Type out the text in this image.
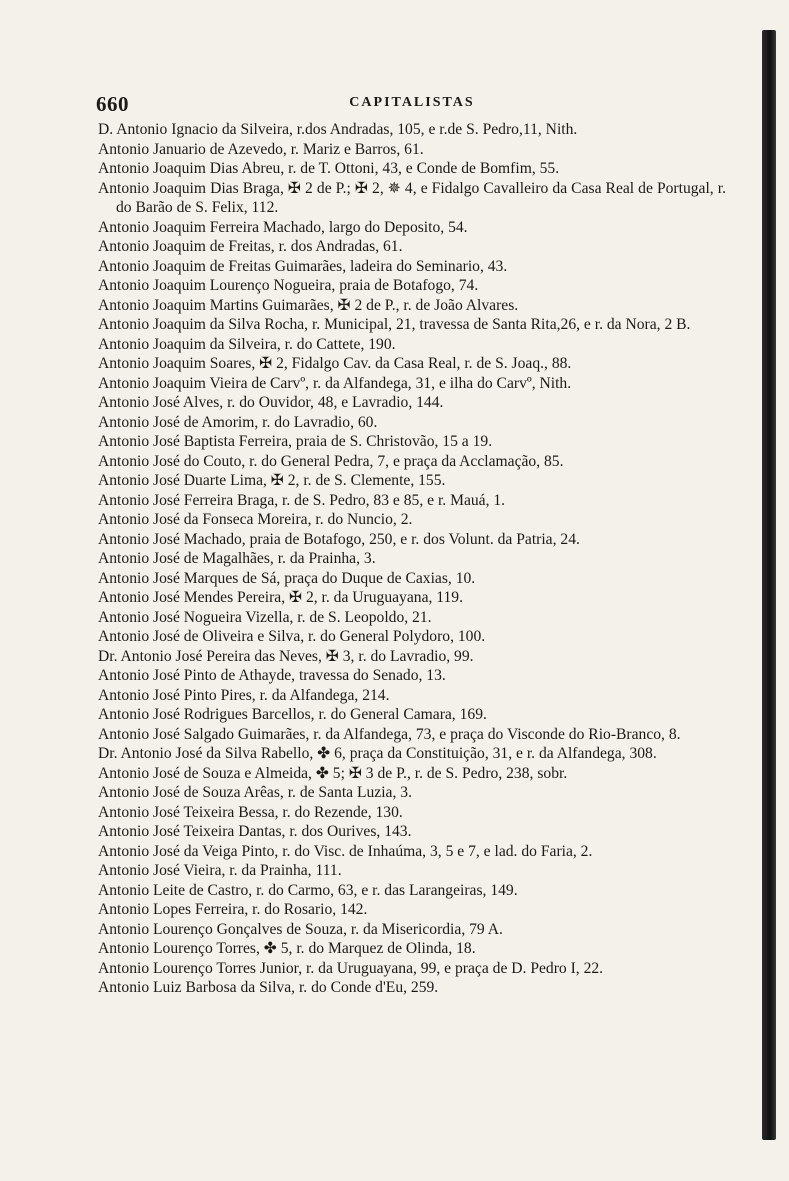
660	CAPITALISTAS
D. Antonio Ignacio da Silveira, r.dos Andradas, 105, e r.de S. Pedro,11, Nith.
Antonio Januario de Azevedo, r. Mariz e Barros, 61.
Antonio Joaquim Dias Abreu, r. de T. Ottoni, 43, e Conde de Bomfim, 55.
Antonio Joaquim Dias Braga, ✠ 2 de P.; ✠ 2, ✵ 4, e Fidalgo Cavalleiro da Casa Real de Portugal, r. do Barão de S. Felix, 112.
Antonio Joaquim Ferreira Machado, largo do Deposito, 54.
Antonio Joaquim de Freitas, r. dos Andradas, 61.
Antonio Joaquim de Freitas Guimarães, ladeira do Seminario, 43.
Antonio Joaquim Lourenço Nogueira, praia de Botafogo, 74.
Antonio Joaquim Martins Guimarães, ✠ 2 de P., r. de João Alvares.
Antonio Joaquim da Silva Rocha, r. Municipal, 21, travessa de Santa Rita,26, e r. da Nora, 2 B.
Antonio Joaquim da Silveira, r. do Cattete, 190.
Antonio Joaquim Soares, ✠ 2, Fidalgo Cav. da Casa Real, r. de S. Joaq., 88.
Antonio Joaquim Vieira de Carvº, r. da Alfandega, 31, e ilha do Carvº, Nith.
Antonio José Alves, r. do Ouvidor, 48, e Lavradio, 144.
Antonio José de Amorim, r. do Lavradio, 60.
Antonio José Baptista Ferreira, praia de S. Christovão, 15 a 19.
Antonio José do Couto, r. do General Pedra, 7, e praça da Acclamação, 85.
Antonio José Duarte Lima, ✠ 2, r. de S. Clemente, 155.
Antonio José Ferreira Braga, r. de S. Pedro, 83 e 85, e r. Mauá, 1.
Antonio José da Fonseca Moreira, r. do Nuncio, 2.
Antonio José Machado, praia de Botafogo, 250, e r. dos Volunt. da Patria, 24.
Antonio José de Magalhães, r. da Prainha, 3.
Antonio José Marques de Sá, praça do Duque de Caxias, 10.
Antonio José Mendes Pereira, ✠ 2, r. da Uruguayana, 119.
Antonio José Nogueira Vizella, r. de S. Leopoldo, 21.
Antonio José de Oliveira e Silva, r. do General Polydoro, 100.
Dr. Antonio José Pereira das Neves, ✠ 3, r. do Lavradio, 99.
Antonio José Pinto de Athayde, travessa do Senado, 13.
Antonio José Pinto Pires, r. da Alfandega, 214.
Antonio José Rodrigues Barcellos, r. do General Camara, 169.
Antonio José Salgado Guimarães, r. da Alfandega, 73, e praça do Visconde do Rio-Branco, 8.
Dr. Antonio José da Silva Rabello, ✤ 6, praça da Constituição, 31, e r. da Alfandega, 308.
Antonio José de Souza e Almeida, ✤ 5; ✠ 3 de P., r. de S. Pedro, 238, sobr.
Antonio José de Souza Arêas, r. de Santa Luzia, 3.
Antonio José Teixeira Bessa, r. do Rezende, 130.
Antonio José Teixeira Dantas, r. dos Ourives, 143.
Antonio José da Veiga Pinto, r. do Visc. de Inhaúma, 3, 5 e 7, e lad. do Faria, 2.
Antonio José Vieira, r. da Prainha, 111.
Antonio Leite de Castro, r. do Carmo, 63, e r. das Larangeiras, 149.
Antonio Lopes Ferreira, r. do Rosario, 142.
Antonio Lourenço Gonçalves de Souza, r. da Misericordia, 79 A.
Antonio Lourenço Torres, ✤ 5, r. do Marquez de Olinda, 18.
Antonio Lourenço Torres Junior, r. da Uruguayana, 99, e praça de D. Pedro I, 22.
Antonio Luiz Barbosa da Silva, r. do Conde d'Eu, 259.
